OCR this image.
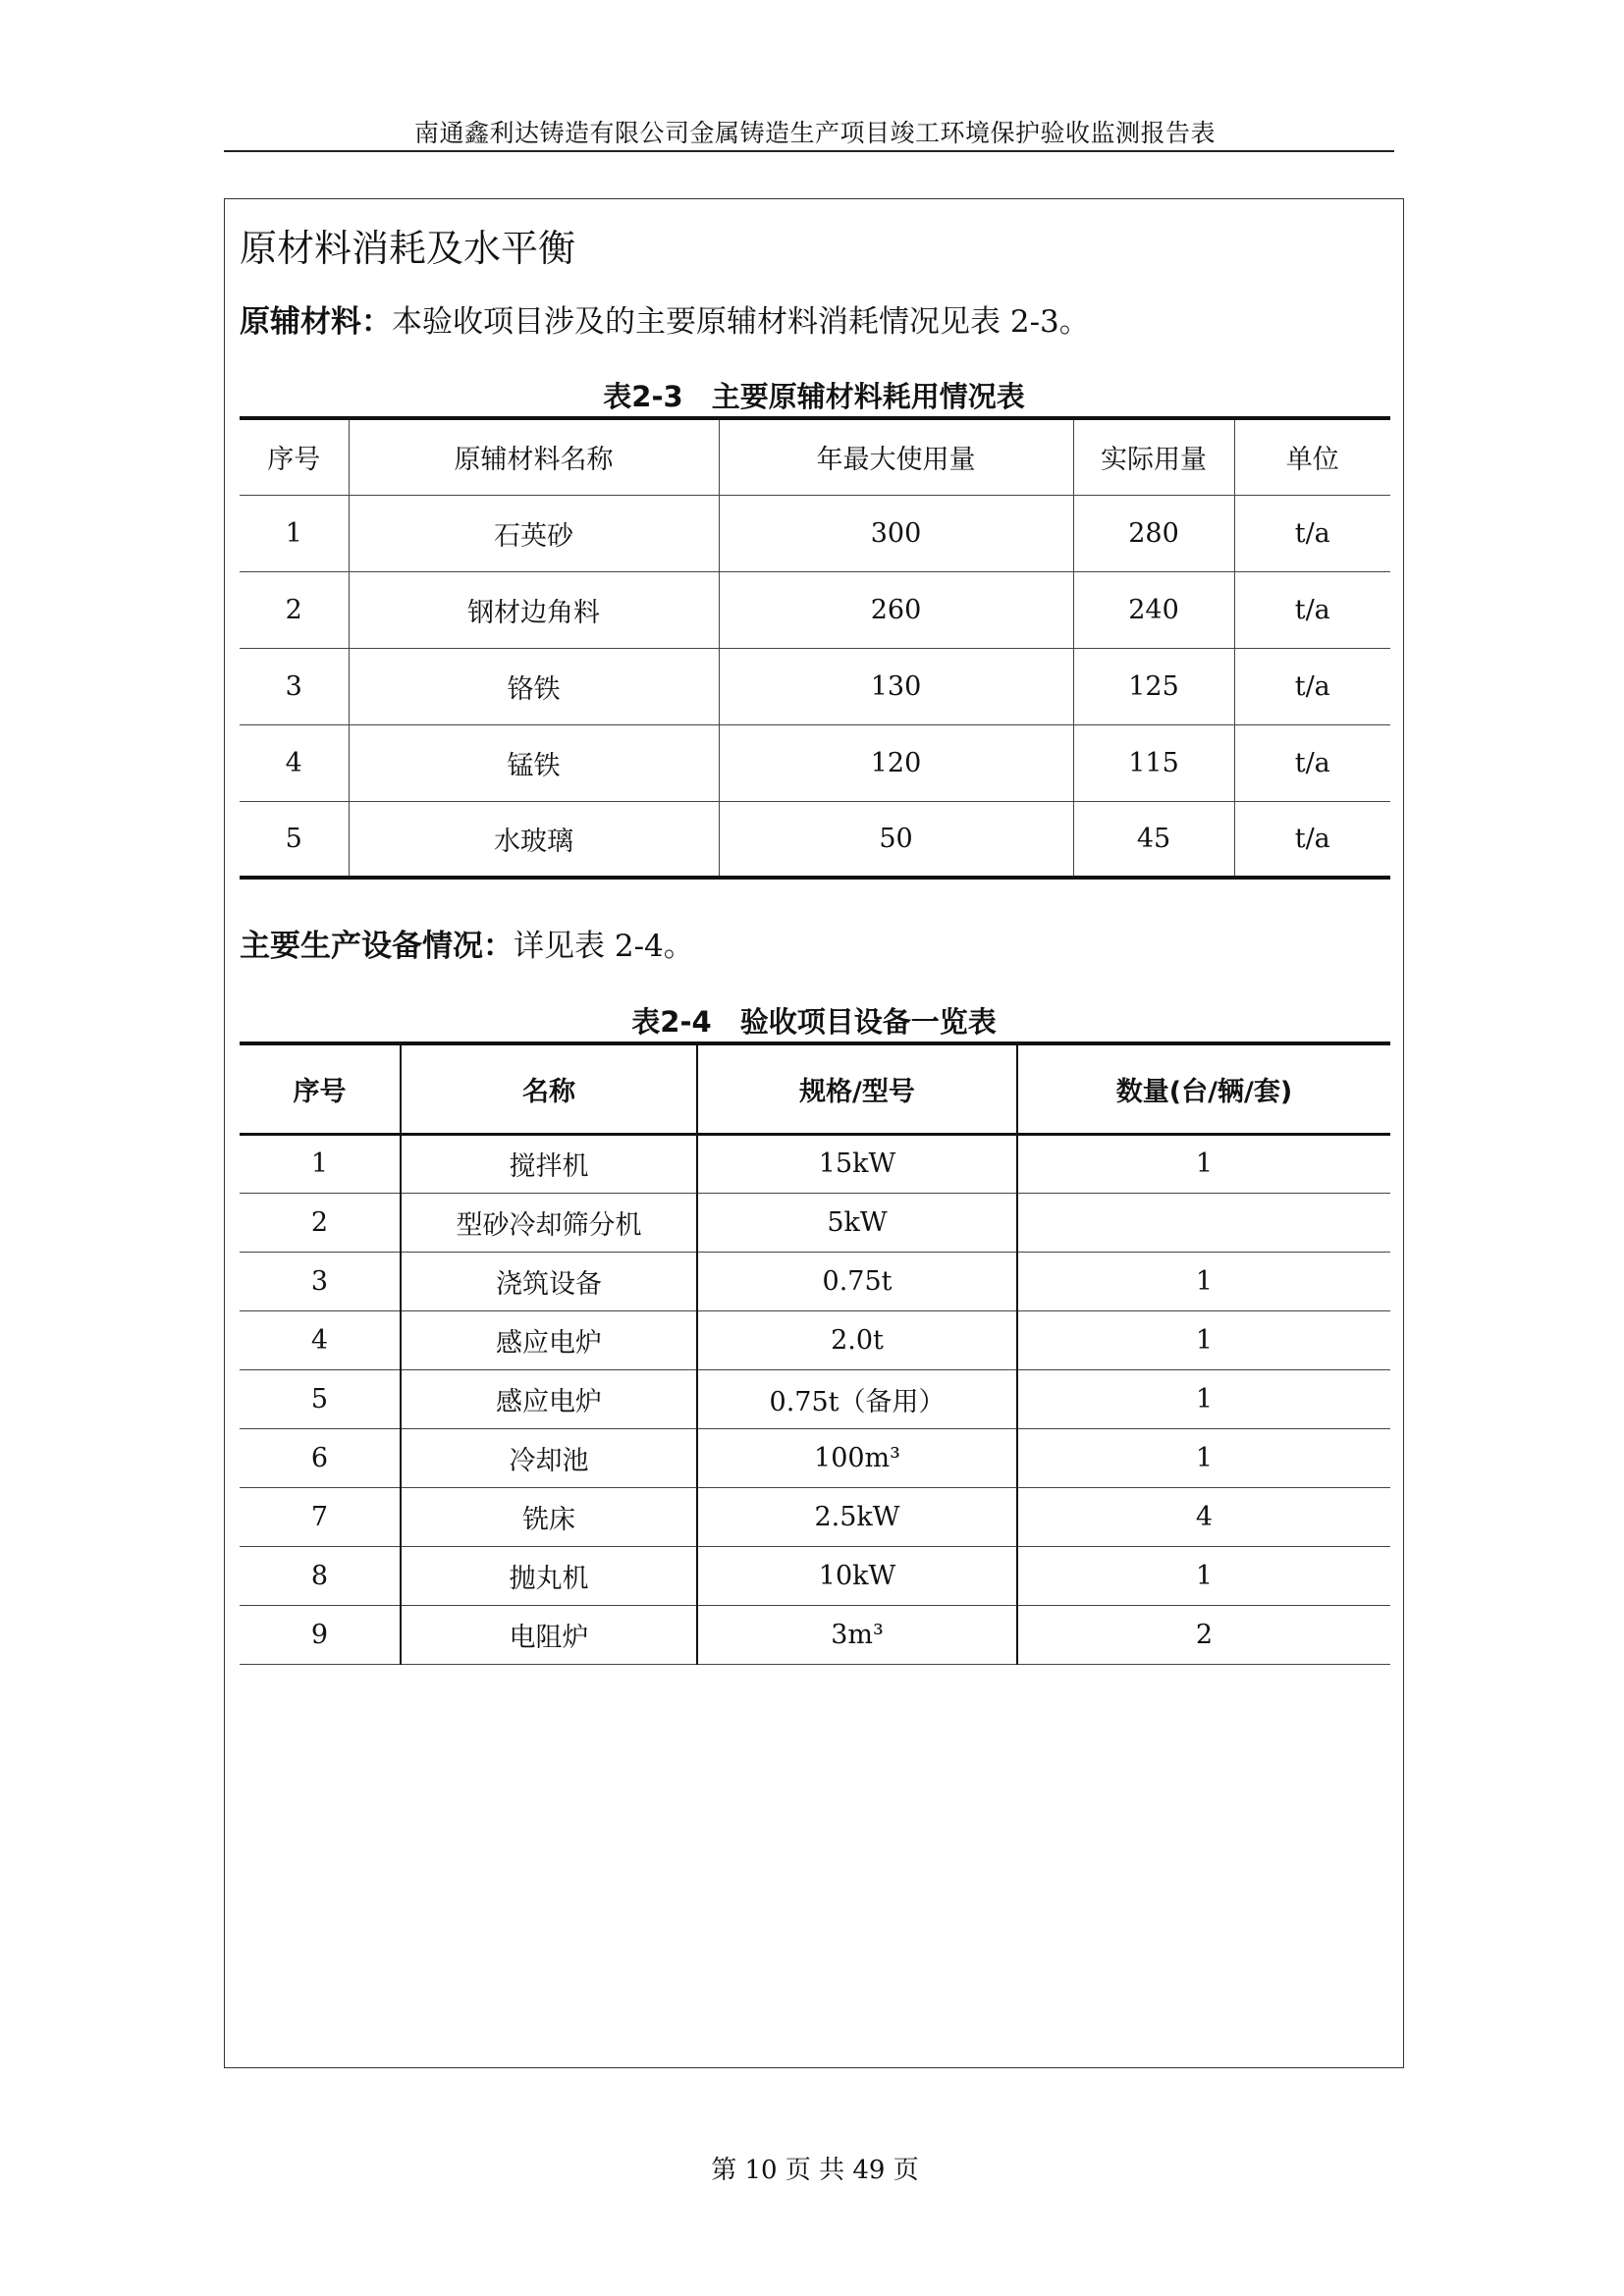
南通鑫利达铸造有限公司金属铸造生产项目竣工环境保护验收监测报告表
原材料消耗及水平衡
原辅材料：本验收项目涉及的主要原辅材料消耗情况见表 2-3。
表2-3　主要原辅材料耗用情况表
序号	原辅材料名称	年最大使用量	实际用量	单位
1	石英砂	300	280	t/a
2	钢材边角料	260	240	t/a
3	铬铁	130	125	t/a
4	锰铁	120	115	t/a
5	水玻璃	50	45	t/a
主要生产设备情况：详见表 2-4。
表2-4　验收项目设备一览表
序号	名称	规格/型号	数量(台/辆/套)
1	搅拌机	15kW	1
2	型砂冷却筛分机	5kW	
3	浇筑设备	0.75t	1
4	感应电炉	2.0t	1
5	感应电炉	0.75t（备用）	1
6	冷却池	100m³	1
7	铣床	2.5kW	4
8	抛丸机	10kW	1
9	电阻炉	3m³	2
第 10 页 共 49 页
